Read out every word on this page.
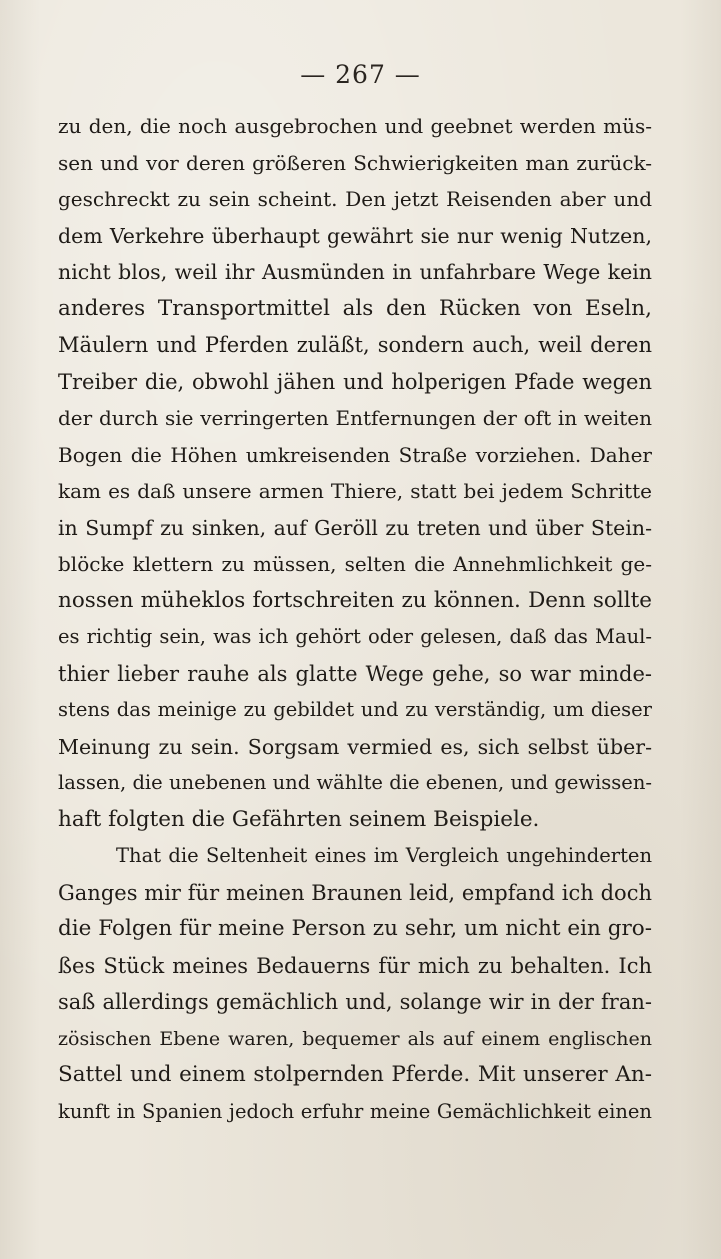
— 267 —
zu den, die noch ausgebrochen und geebnet werden müs-
sen und vor deren größeren Schwierigkeiten man zurück-
geschreckt zu sein scheint. Den jetzt Reisenden aber und
dem Verkehre überhaupt gewährt sie nur wenig Nutzen,
nicht blos, weil ihr Ausmünden in unfahrbare Wege kein
anderes Transportmittel als den Rücken von Eseln,
Mäulern und Pferden zuläßt, sondern auch, weil deren
Treiber die, obwohl jähen und holperigen Pfade wegen
der durch sie verringerten Entfernungen der oft in weiten
Bogen die Höhen umkreisenden Straße vorziehen. Daher
kam es daß unsere armen Thiere, statt bei jedem Schritte
in Sumpf zu sinken, auf Geröll zu treten und über Stein-
blöcke klettern zu müssen, selten die Annehmlichkeit ge-
nossen müheklos fortschreiten zu können. Denn sollte
es richtig sein, was ich gehört oder gelesen, daß das Maul-
thier lieber rauhe als glatte Wege gehe, so war minde-
stens das meinige zu gebildet und zu verständig, um dieser
Meinung zu sein. Sorgsam vermied es, sich selbst über-
lassen, die unebenen und wählte die ebenen, und gewissen-
haft folgten die Gefährten seinem Beispiele.
That die Seltenheit eines im Vergleich ungehinderten
Ganges mir für meinen Braunen leid, empfand ich doch
die Folgen für meine Person zu sehr, um nicht ein gro-
ßes Stück meines Bedauerns für mich zu behalten. Ich
saß allerdings gemächlich und, solange wir in der fran-
zösischen Ebene waren, bequemer als auf einem englischen
Sattel und einem stolpernden Pferde. Mit unserer An-
kunft in Spanien jedoch erfuhr meine Gemächlichkeit einen
